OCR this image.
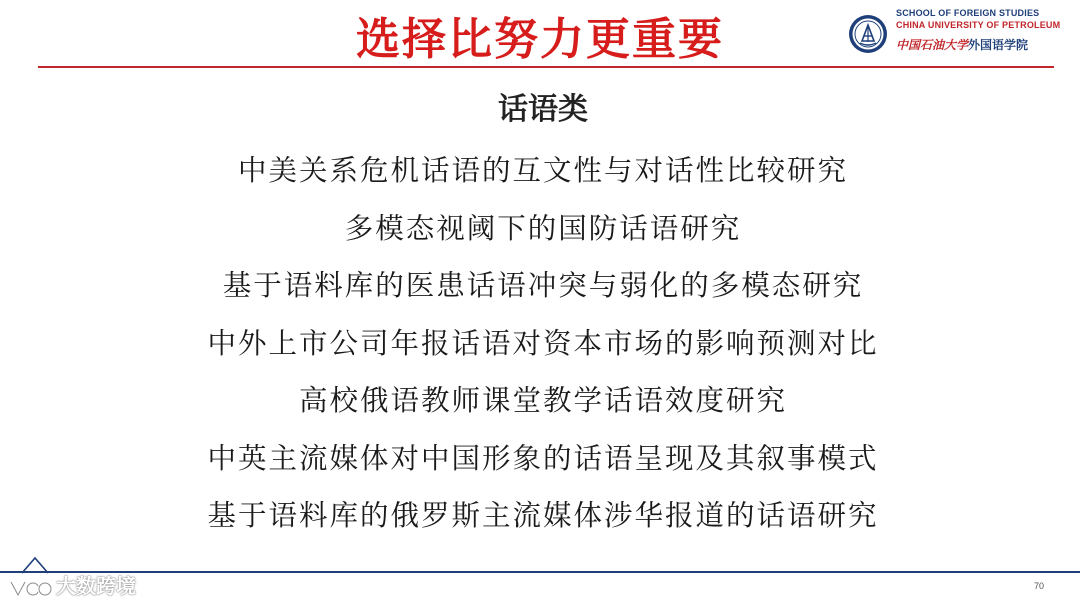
选择比努力更重要
SCHOOL OF FOREIGN STUDIES
CHINA UNIVERSITY OF PETROLEUM
中国石油大学外国语学院
话语类
中美关系危机话语的互文性与对话性比较研究
多模态视阈下的国防话语研究
基于语料库的医患话语冲突与弱化的多模态研究
中外上市公司年报话语对资本市场的影响预测对比
高校俄语教师课堂教学话语效度研究
中英主流媒体对中国形象的话语呈现及其叙事模式
基于语料库的俄罗斯主流媒体涉华报道的话语研究
大数跨境	70
